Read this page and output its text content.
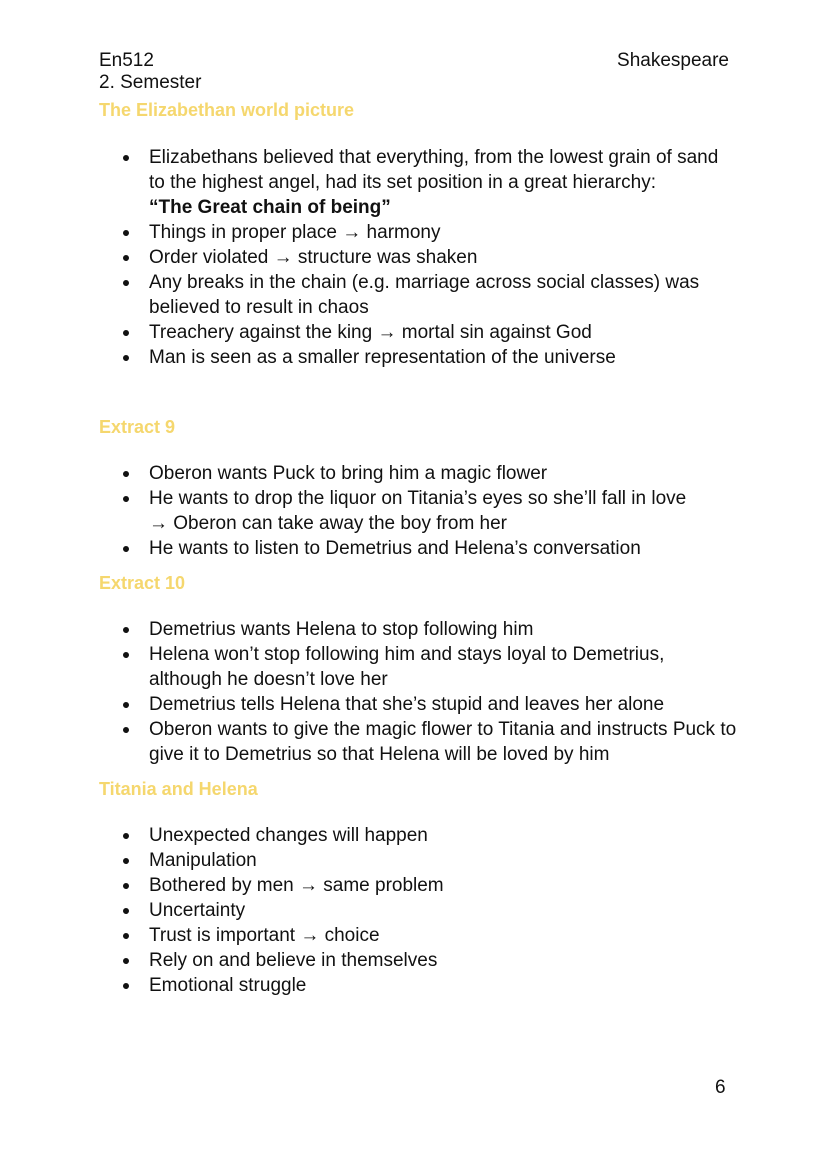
En512	Shakespeare
2. Semester
The Elizabethan world picture
Elizabethans believed that everything, from the lowest grain of sand to the highest angel, had its set position in a great hierarchy:
“The Great chain of being”
Things in proper place → harmony
Order violated → structure was shaken
Any breaks in the chain (e.g. marriage across social classes) was believed to result in chaos
Treachery against the king → mortal sin against God
Man is seen as a smaller representation of the universe
Extract 9
Oberon wants Puck to bring him a magic flower
He wants to drop the liquor on Titania’s eyes so she’ll fall in love
→ Oberon can take away the boy from her
He wants to listen to Demetrius and Helena’s conversation
Extract 10
Demetrius wants Helena to stop following him
Helena won’t stop following him and stays loyal to Demetrius, although he doesn’t love her
Demetrius tells Helena that she’s stupid and leaves her alone
Oberon wants to give the magic flower to Titania and instructs Puck to give it to Demetrius so that Helena will be loved by him
Titania and Helena
Unexpected changes will happen
Manipulation
Bothered by men → same problem
Uncertainty
Trust is important → choice
Rely on and believe in themselves
Emotional struggle
6
